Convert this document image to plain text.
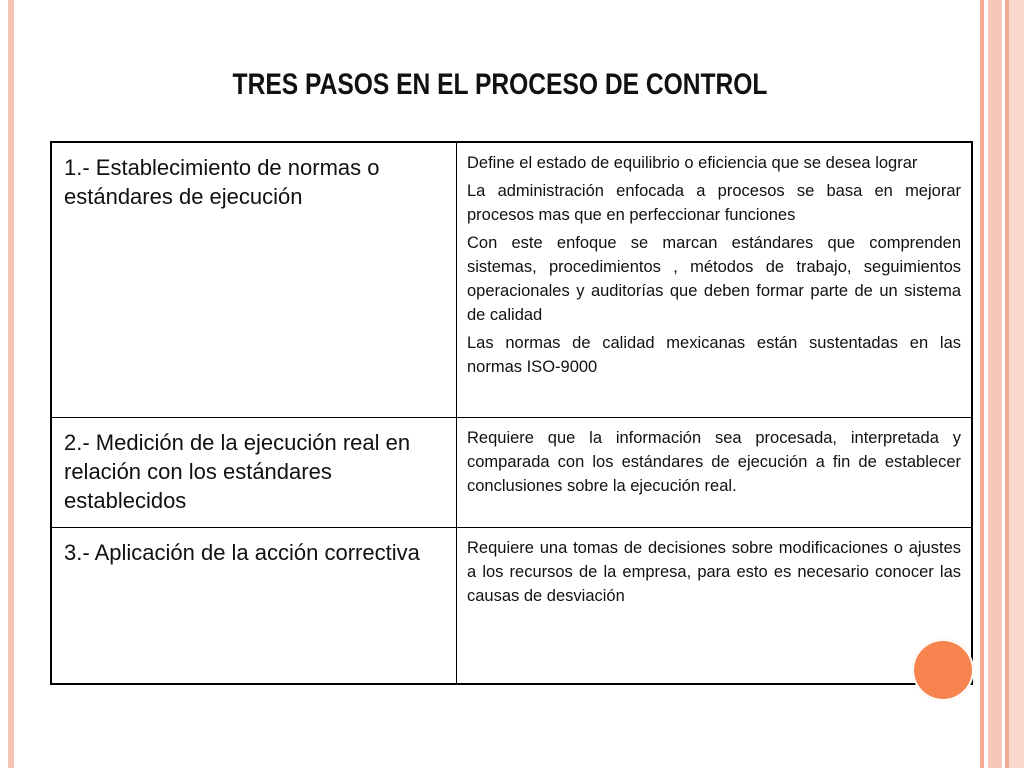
TRES PASOS EN EL PROCESO DE CONTROL
1.- Establecimiento de normas o estándares de ejecución	Define el estado de equilibrio o eficiencia que se desea lograr

La administración enfocada a procesos se basa en mejorar procesos mas que en perfeccionar funciones

Con este enfoque se marcan estándares que comprenden sistemas, procedimientos , métodos de trabajo, seguimientos operacionales y auditorías que deben formar parte de un sistema de calidad

Las normas de calidad mexicanas están sustentadas en las normas ISO-9000

2.- Medición de la ejecución real en relación con los estándares establecidos	Requiere que la información sea procesada, interpretada y comparada con los estándares de ejecución a fin de establecer conclusiones sobre la ejecución real.

3.- Aplicación de la acción correctiva	Requiere una tomas de decisiones sobre modificaciones o ajustes a los recursos de la empresa, para esto es necesario conocer las causas de desviación
